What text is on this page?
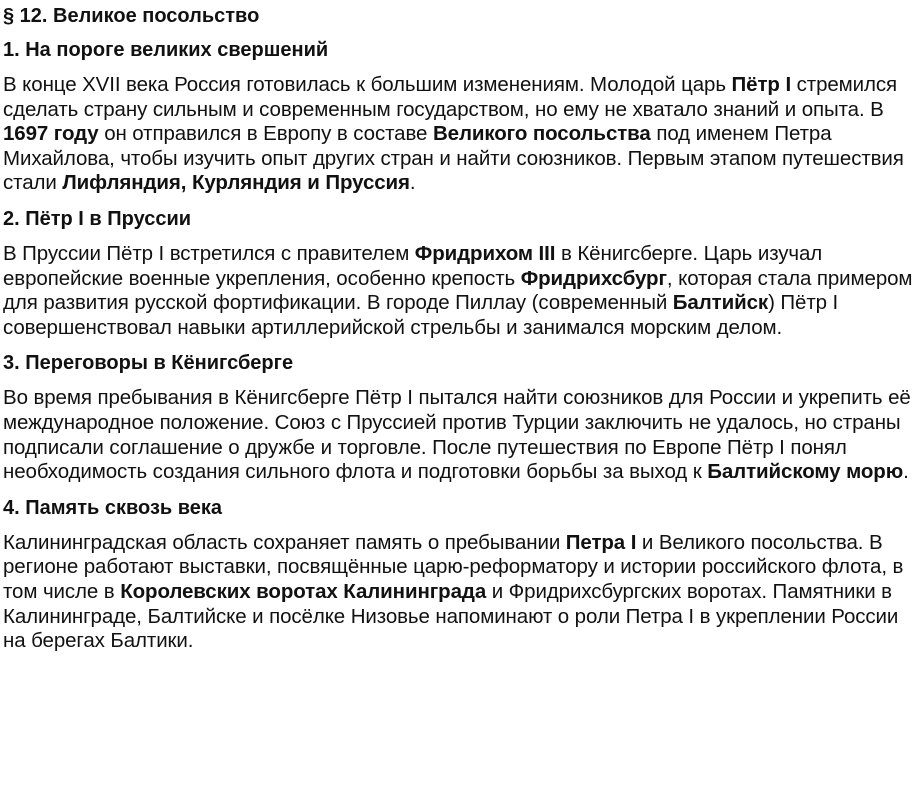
§ 12. Великое посольство
1. На пороге великих свершений
В конце XVII века Россия готовилась к большим изменениям. Молодой царь Пётр I стремился сделать страну сильным и современным государством, но ему не хватало знаний и опыта. В 1697 году он отправился в Европу в составе Великого посольства под именем Петра Михайлова, чтобы изучить опыт других стран и найти союзников. Первым этапом путешествия стали Лифляндия, Курляндия и Пруссия.
2. Пётр I в Пруссии
В Пруссии Пётр I встретился с правителем Фридрихом III в Кёнигсберге. Царь изучал европейские военные укрепления, особенно крепость Фридрихсбург, которая стала примером для развития русской фортификации. В городе Пиллау (современный Балтийск) Пётр I совершенствовал навыки артиллерийской стрельбы и занимался морским делом.
3. Переговоры в Кёнигсберге
Во время пребывания в Кёнигсберге Пётр I пытался найти союзников для России и укрепить её международное положение. Союз с Пруссией против Турции заключить не удалось, но страны подписали соглашение о дружбе и торговле. После путешествия по Европе Пётр I понял необходимость создания сильного флота и подготовки борьбы за выход к Балтийскому морю.
4. Память сквозь века
Калининградская область сохраняет память о пребывании Петра I и Великого посольства. В регионе работают выставки, посвящённые царю-реформатору и истории российского флота, в том числе в Королевских воротах Калининграда и Фридрихсбургских воротах. Памятники в Калининграде, Балтийске и посёлке Низовье напоминают о роли Петра I в укреплении России на берегах Балтики.
